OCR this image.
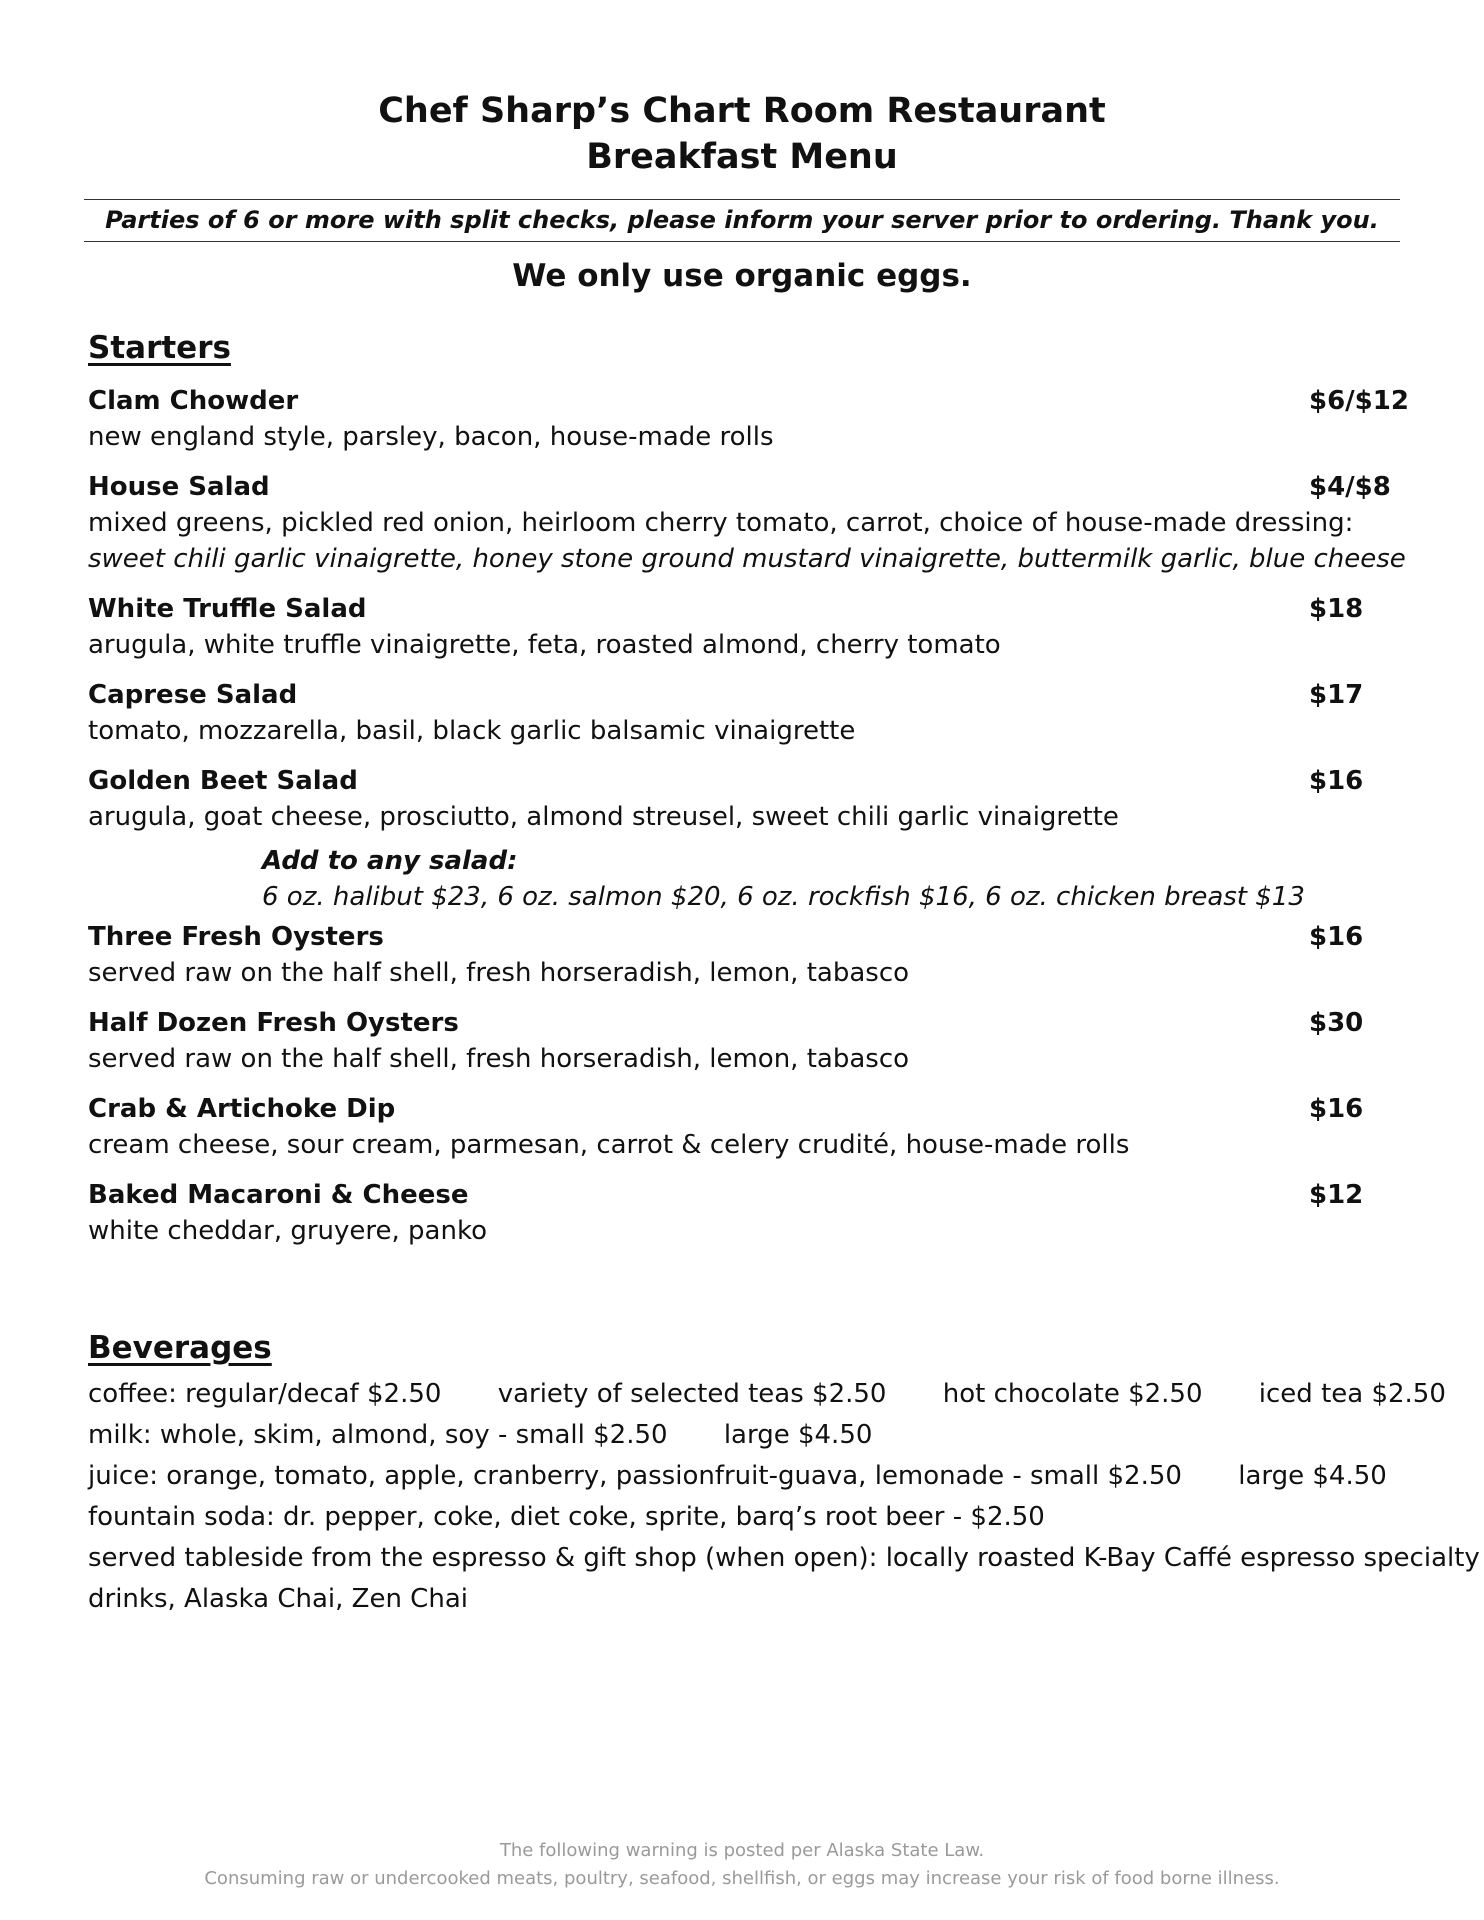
Chef Sharp’s Chart Room Restaurant
Breakfast Menu
Parties of 6 or more with split checks, please inform your server prior to ordering. Thank you.
We only use organic eggs.
Starters
Clam Chowder	$6/$12
new england style, parsley, bacon, house-made rolls
House Salad	$4/$8
mixed greens, pickled red onion, heirloom cherry tomato, carrot, choice of house-made dressing:
sweet chili garlic vinaigrette, honey stone ground mustard vinaigrette, buttermilk garlic, blue cheese
White Truffle Salad	$18
arugula, white truffle vinaigrette, feta, roasted almond, cherry tomato
Caprese Salad	$17
tomato, mozzarella, basil, black garlic balsamic vinaigrette
Golden Beet Salad	$16
arugula, goat cheese, prosciutto, almond streusel, sweet chili garlic vinaigrette
Add to any salad:
6 oz. halibut $23, 6 oz. salmon $20, 6 oz. rockfish $16, 6 oz. chicken breast $13
Three Fresh Oysters	$16
served raw on the half shell, fresh horseradish, lemon, tabasco
Half Dozen Fresh Oysters	$30
served raw on the half shell, fresh horseradish, lemon, tabasco
Crab & Artichoke Dip	$16
cream cheese, sour cream, parmesan, carrot & celery crudité, house-made rolls
Baked Macaroni & Cheese	$12
white cheddar, gruyere, panko
Beverages
coffee: regular/decaf $2.50 variety of selected teas $2.50 hot chocolate $2.50 iced tea $2.50
milk: whole, skim, almond, soy - small $2.50 large $4.50
juice: orange, tomato, apple, cranberry, passionfruit-guava, lemonade - small $2.50 large $4.50
fountain soda: dr. pepper, coke, diet coke, sprite, barq’s root beer - $2.50
served tableside from the espresso & gift shop (when open): locally roasted K-Bay Caffé espresso specialty
drinks, Alaska Chai, Zen Chai
The following warning is posted per Alaska State Law.
Consuming raw or undercooked meats, poultry, seafood, shellfish, or eggs may increase your risk of food borne illness.
